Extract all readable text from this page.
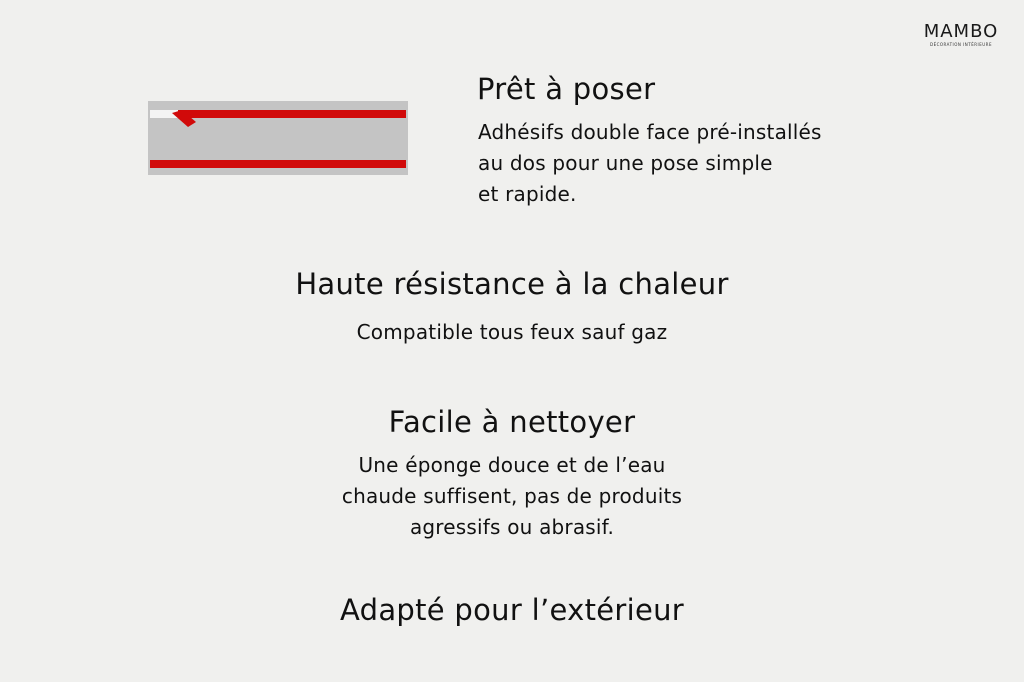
MAMBO
DÉCORATION INTÉRIEURE
Prêt à poser
Adhésifs double face pré-installés
au dos pour une pose simple
et rapide.
Haute résistance à la chaleur
Compatible tous feux sauf gaz
Facile à nettoyer
Une éponge douce et de l’eau
chaude suffisent, pas de produits
agressifs ou abrasif.
Adapté pour l’extérieur
